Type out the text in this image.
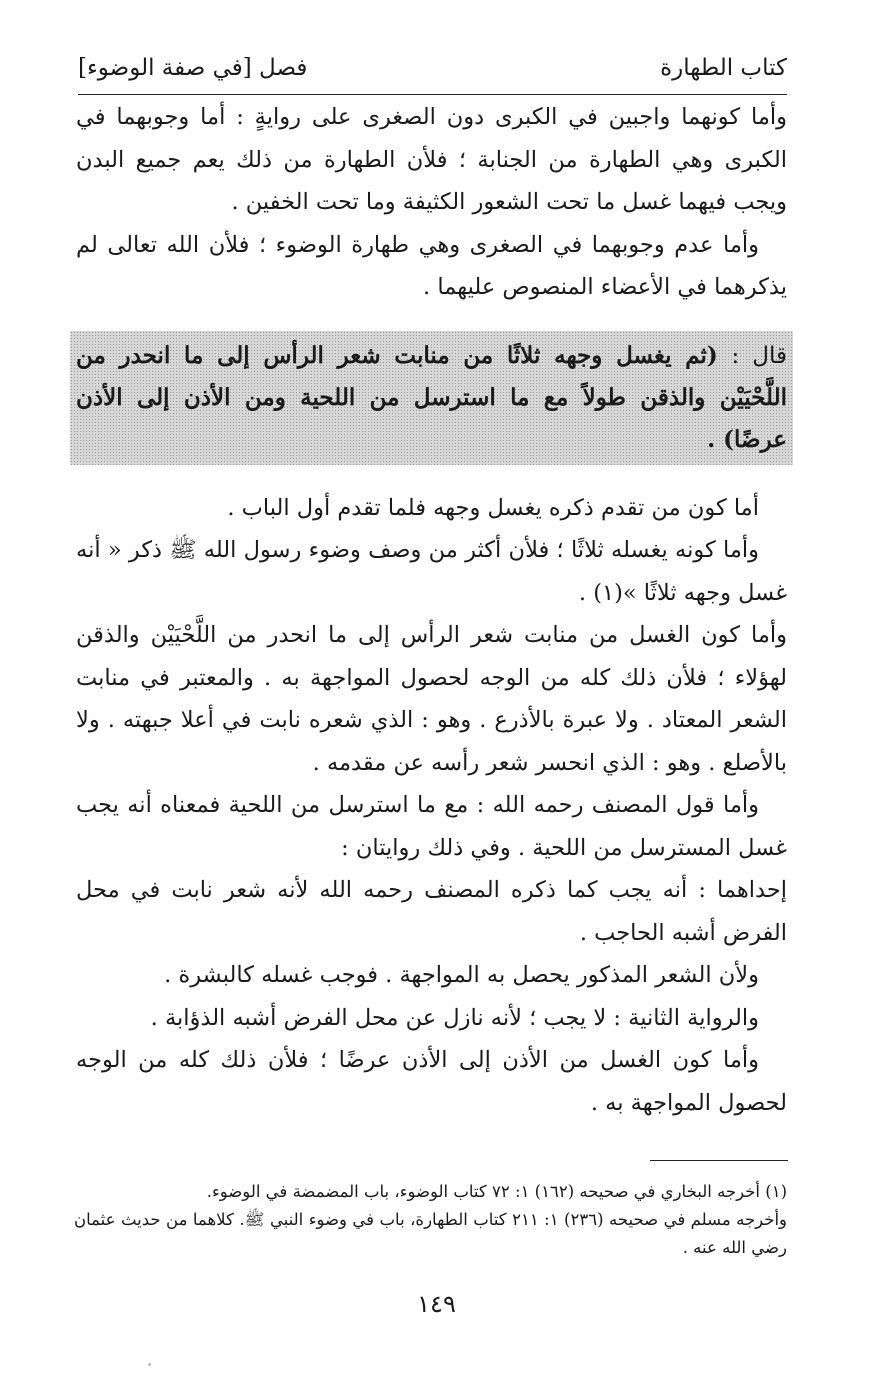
كتاب الطهارة
فصل [في صفة الوضوء]

وأما كونهما واجبين في الكبرى دون الصغرى على روايةٍ : أما وجوبهما في الكبرى وهي الطهارة من الجنابة ؛ فلأن الطهارة من ذلك يعم جميع البدن ويجب فيهما غسل ما تحت الشعور الكثيفة وما تحت الخفين .

وأما عدم وجوبهما في الصغرى وهي طهارة الوضوء ؛ فلأن الله تعالى لم يذكرهما في الأعضاء المنصوص عليهما .

قال : (ثم يغسل وجهه ثلاثًا من منابت شعر الرأس إلى ما انحدر من اللَّحْيَيْن والذقن طولاً مع ما استرسل من اللحية ومن الأذن إلى الأذن عرضًا) .

أما كون من تقدم ذكره يغسل وجهه فلما تقدم أول الباب .

وأما كونه يغسله ثلاثًا ؛ فلأن أكثر من وصف وضوء رسول الله ﷺ ذكر « أنه غسل وجهه ثلاثًا »(١) .

وأما كون الغسل من منابت شعر الرأس إلى ما انحدر من اللَّحْيَيْن والذقن لهؤلاء ؛ فلأن ذلك كله من الوجه لحصول المواجهة به . والمعتبر في منابت الشعر المعتاد . ولا عبرة بالأذرع . وهو : الذي شعره نابت في أعلا جبهته . ولا بالأصلع . وهو : الذي انحسر شعر رأسه عن مقدمه .

وأما قول المصنف رحمه الله : مع ما استرسل من اللحية فمعناه أنه يجب غسل المسترسل من اللحية . وفي ذلك روايتان :

إحداهما : أنه يجب كما ذكره المصنف رحمه الله لأنه شعر نابت في محل الفرض أشبه الحاجب .

ولأن الشعر المذكور يحصل به المواجهة . فوجب غسله كالبشرة .

والرواية الثانية : لا يجب ؛ لأنه نازل عن محل الفرض أشبه الذؤابة .

وأما كون الغسل من الأذن إلى الأذن عرضًا ؛ فلأن ذلك كله من الوجه لحصول المواجهة به .

(١) أخرجه البخاري في صحيحه (١٦٢) ١: ٧٢ كتاب الوضوء، باب المضمضة في الوضوء.

وأخرجه مسلم في صحيحه (٢٣٦) ١: ٢١١ كتاب الطهارة، باب في وضوء النبي ﷺ. كلاهما من حديث عثمان رضي الله عنه .

١٤٩
